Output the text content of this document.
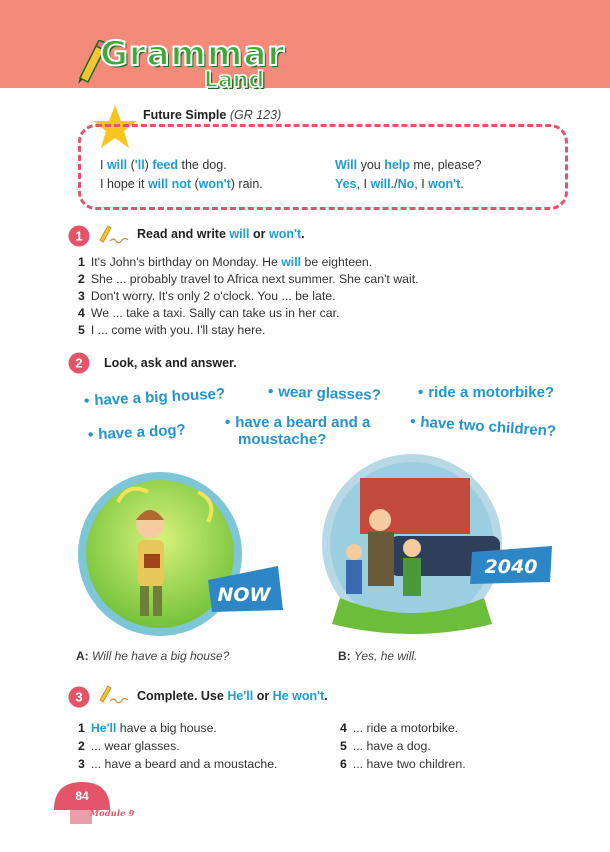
Grammar
Land
Future Simple (GR 123)
I will ('ll) feed the dog.
I hope it will not (won't) rain.
Will you help me, please?
Yes, I will./No, I won't.
1	Read and write will or won't.
1 It's John's birthday on Monday. He will be eighteen.
2 She ... probably travel to Africa next summer. She can't wait.
3 Don't worry. It's only 2 o'clock. You ... be late.
4 We ... take a taxi. Sally can take us in her car.
5 I ... come with you. I'll stay here.
2 Look, ask and answer.
• have a big house?	• wear glasses? • ride a motorbike?
• have a dog?	• have a beard and a
moustache?
• have two children?
NOW
2040
A: Will he have a big house?	B: Yes, he will.
3	Complete. Use He'll or He won't.
1 He'll have a big house.
2 ... wear glasses.
3 ... have a beard and a moustache.
4 ... ride a motorbike.
5 ... have a dog.
6 ... have two children.
84
Module 9
